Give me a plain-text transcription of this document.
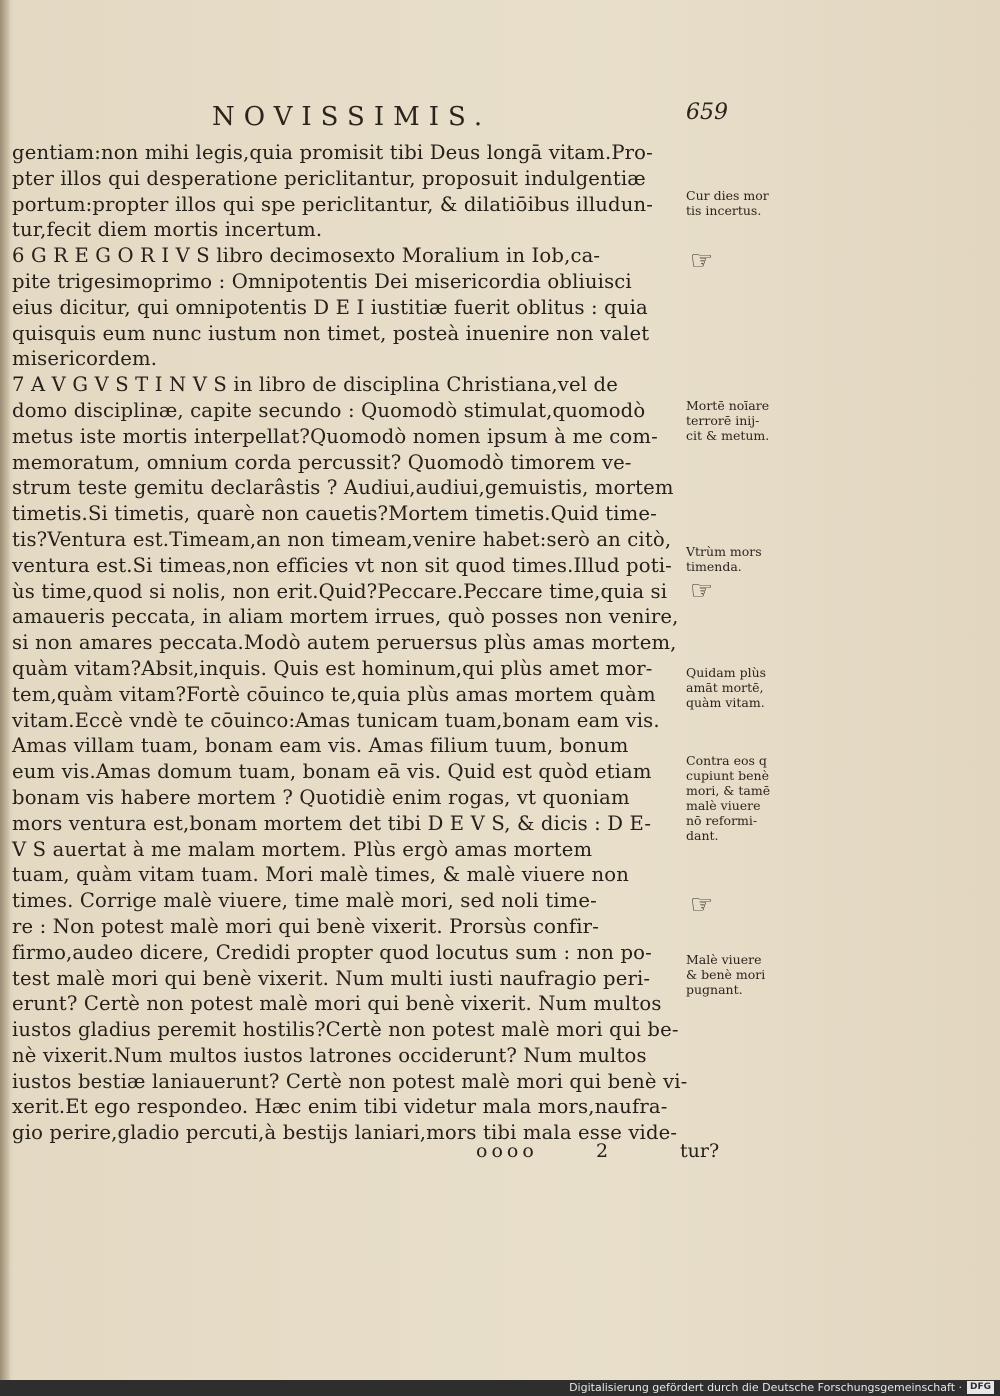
NOVISSIMIS.	659
gentiam:non mihi legis,quia promisit tibi Deus longā vitam.Pro-
pter illos qui desperatione periclitantur, proposuit indulgentiæ
portum:propter illos qui spe periclitantur, & dilatiōibus illudun-
tur,fecit diem mortis incertum.
6 G R E G O R I V S libro decimosexto Moralium in Iob,ca-
pite trigesimoprimo : Omnipotentis Dei misericordia obliuisci
eius dicitur, qui omnipotentis D E I iustitiæ fuerit oblitus : quia
quisquis eum nunc iustum non timet, posteà inuenire non valet
misericordem.
7 A V G V S T I N V S in libro de disciplina Christiana,vel de
domo disciplinæ, capite secundo : Quomodò stimulat,quomodò
metus iste mortis interpellat?Quomodò nomen ipsum à me com-
memoratum, omnium corda percussit? Quomodò timorem ve-
strum teste gemitu declarâstis ? Audiui,audiui,gemuistis, mortem
timetis.Si timetis, quarè non cauetis?Mortem timetis.Quid time-
tis?Ventura est.Timeam,an non timeam,venire habet:serò an citò,
ventura est.Si timeas,non efficies vt non sit quod times.Illud poti-
ùs time,quod si nolis, non erit.Quid?Peccare.Peccare time,quia si
amaueris peccata, in aliam mortem irrues, quò posses non venire,
si non amares peccata.Modò autem peruersus plùs amas mortem,
quàm vitam?Absit,inquis. Quis est hominum,qui plùs amet mor-
tem,quàm vitam?Fortè cōuinco te,quia plùs amas mortem quàm
vitam.Eccè vndè te cōuinco:Amas tunicam tuam,bonam eam vis.
Amas villam tuam, bonam eam vis. Amas filium tuum, bonum
eum vis.Amas domum tuam, bonam eā vis. Quid est quòd etiam
bonam vis habere mortem ? Quotidiè enim rogas, vt quoniam
mors ventura est,bonam mortem det tibi D E V S, & dicis : D E-
V S auertat à me malam mortem. Plùs ergò amas mortem
tuam, quàm vitam tuam. Mori malè times, & malè viuere non
times. Corrige malè viuere, time malè mori, sed noli time-
re : Non potest malè mori qui benè vixerit. Prorsùs confir-
firmo,audeo dicere, Credidi propter quod locutus sum : non po-
test malè mori qui benè vixerit. Num multi iusti naufragio peri-
erunt? Certè non potest malè mori qui benè vixerit. Num multos
iustos gladius peremit hostilis?Certè non potest malè mori qui be-
nè vixerit.Num multos iustos latrones occiderunt? Num multos
iustos bestiæ laniauerunt? Certè non potest malè mori qui benè vi-
xerit.Et ego respondeo. Hæc enim tibi videtur mala mors,naufra-
gio perire,gladio percuti,à bestijs laniari,mors tibi mala esse vide-
Cur dies mor
tis incertus.
Mortē noīare
terrorē inij-
cit & metum.
Vtrùm mors
timenda.
Quidam plùs
amāt mortē,
quàm vitam.
Contra eos q
cupiunt benè
mori, & tamē
malè viuere
nō reformi-
dant.
Malè viuere
& benè mori
pugnant.
oooo	2	tur?
☞
☞
☞
Digitalisierung gefördert durch die Deutsche Forschungsgemeinschaft · DFG
